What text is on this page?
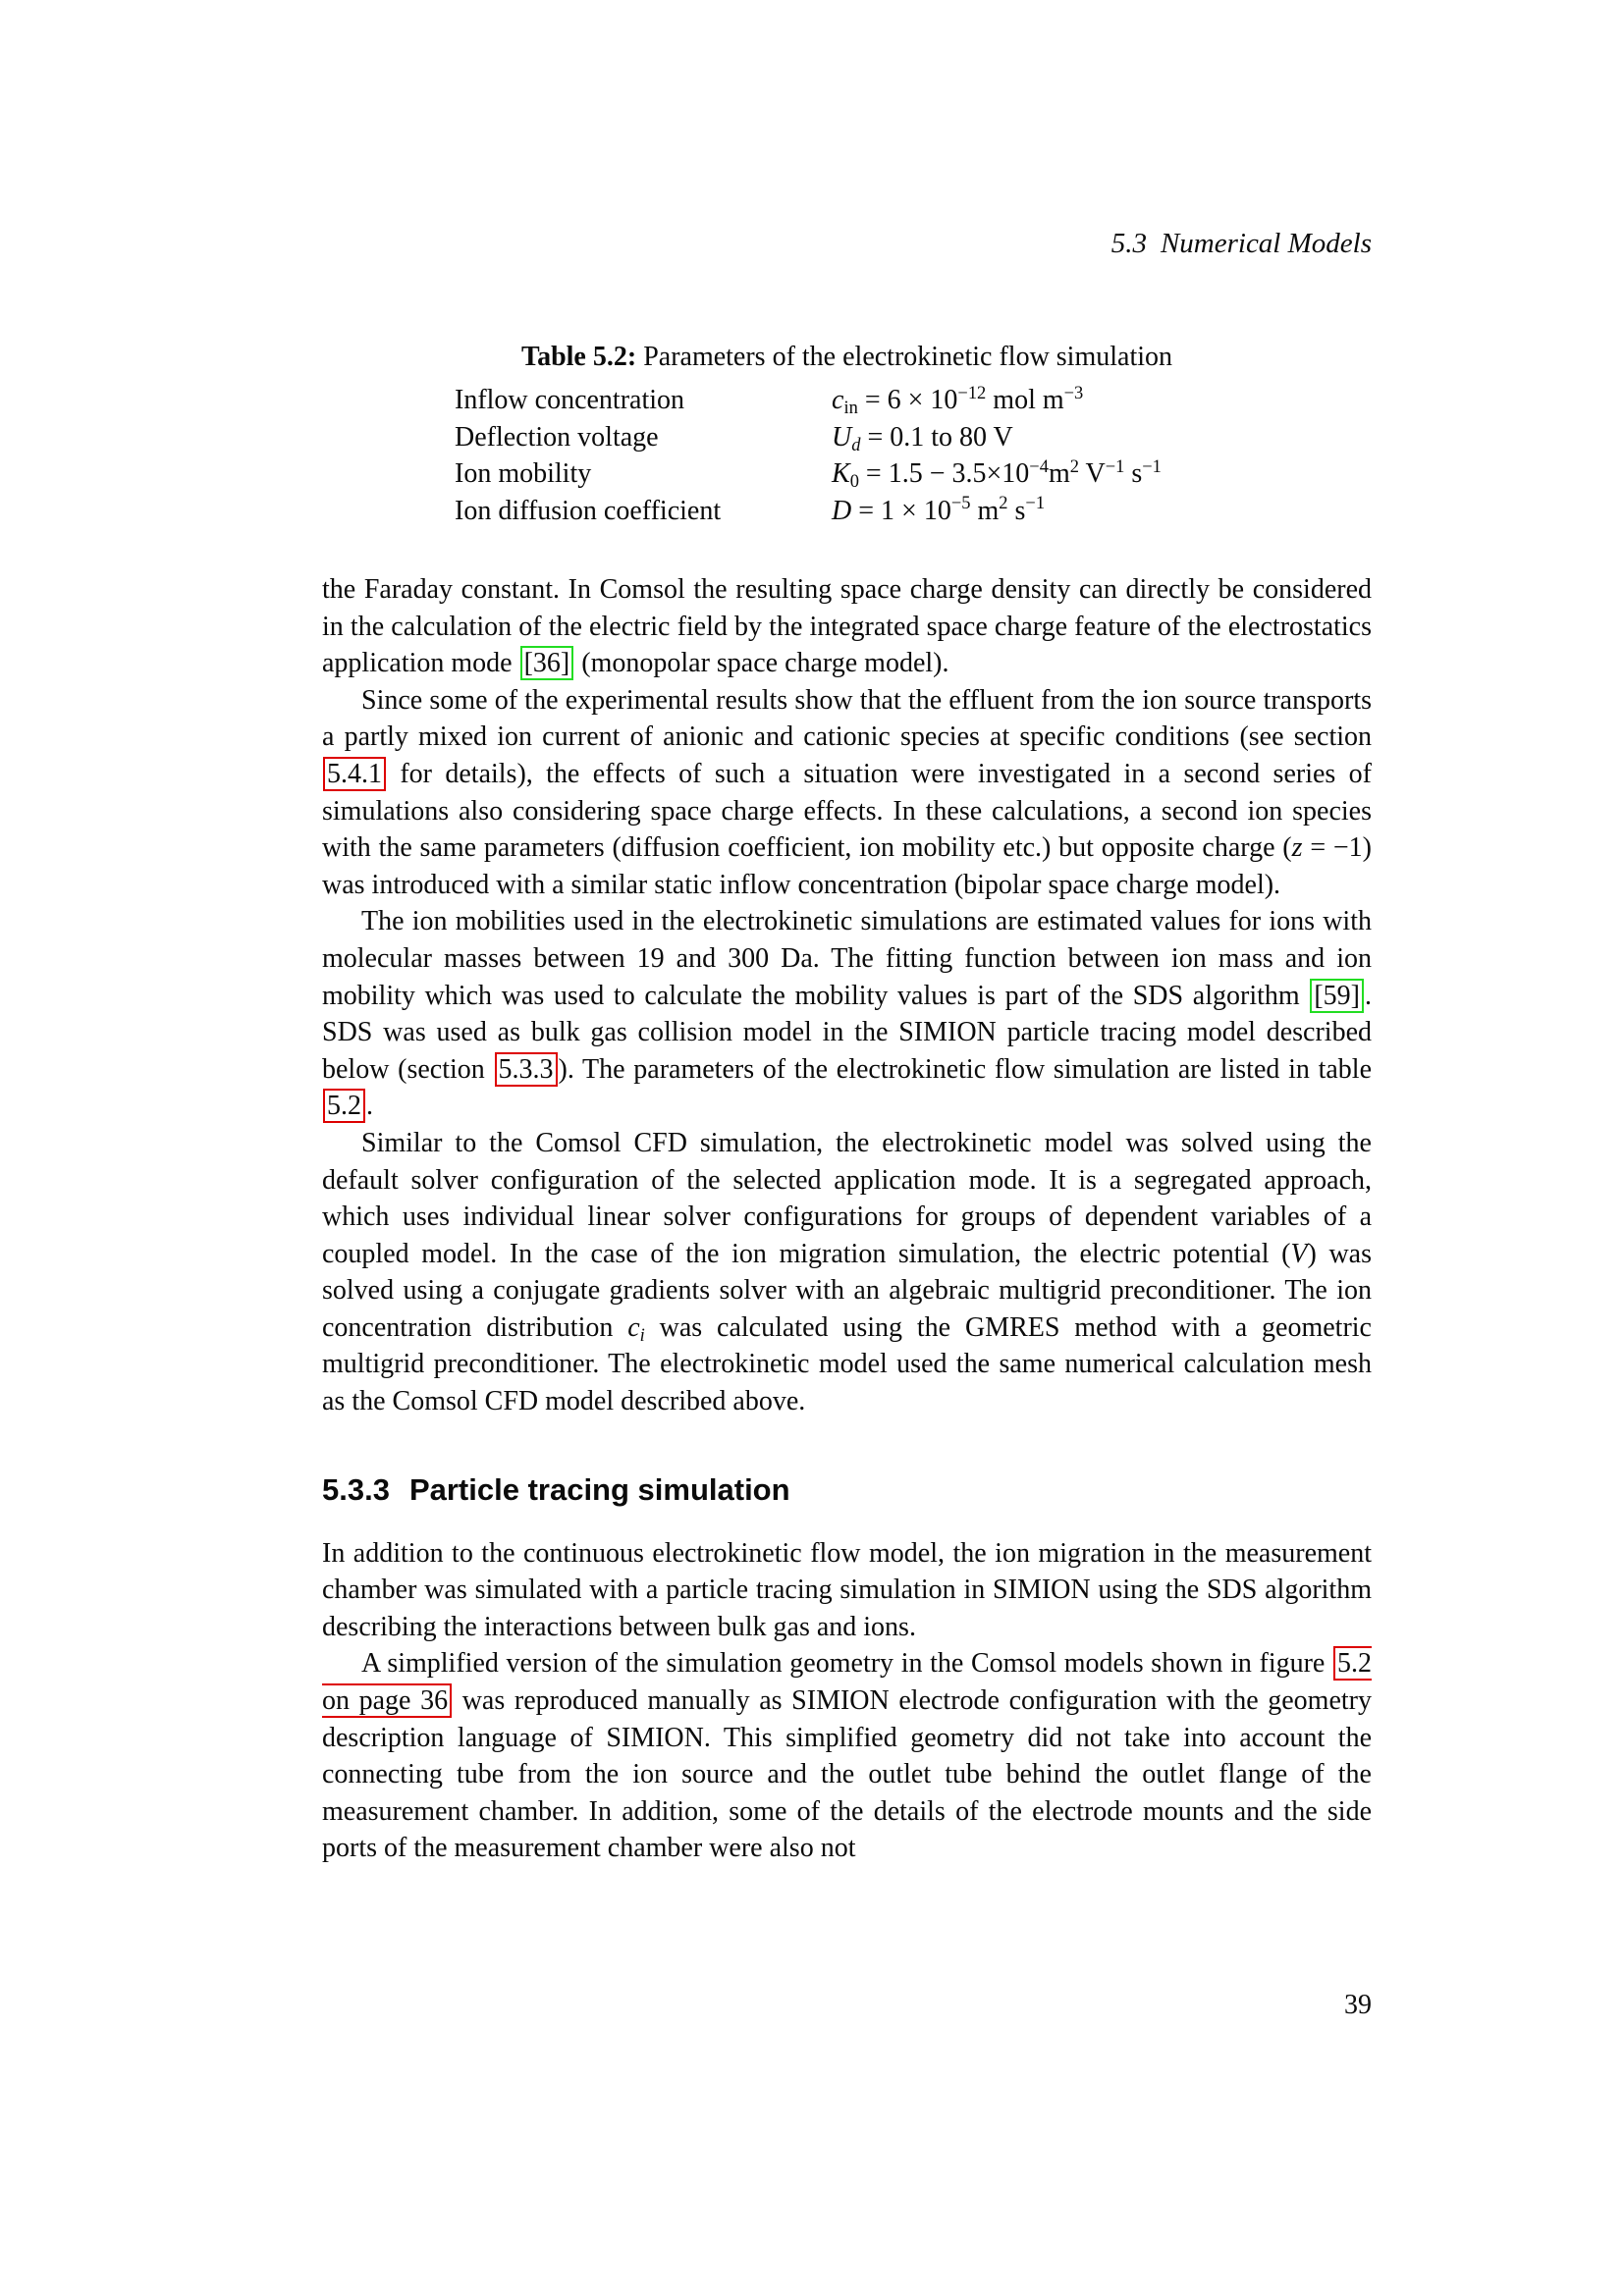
5.3 Numerical Models
Table 5.2: Parameters of the electrokinetic flow simulation
Inflow concentration	cin = $6 \times 10^{-12}$ mol $m^{-3}$
Deflection voltage	Ud = 0.1 to 80 V
Ion mobility	$K0 = 1.5 - 3.5\times 10^{-4}m^2$ $V^{-1}$ $s^{-1}$
Ion diffusion coefficient	$D = 1 \times 10^{-5}$ $m^2$ $s^{-1}$

the Faraday constant. In Comsol the resulting space charge density can directly be considered in the calculation of the electric field by the integrated space charge feature of the electrostatics application mode [36] (monopolar space charge model).

Since some of the experimental results show that the effluent from the ion source transports a partly mixed ion current of anionic and cationic species at specific conditions (see section 5.4.1 for details), the effects of such a situation were investigated in a second series of simulations also considering space charge effects. In these calculations, a second ion species with the same parameters (diffusion coefficient, ion mobility etc.) but opposite charge (z = −1) was introduced with a similar static inflow concentration (bipolar space charge model).

The ion mobilities used in the electrokinetic simulations are estimated values for ions with molecular masses between 19 and 300 Da. The fitting function between ion mass and ion mobility which was used to calculate the mobility values is part of the SDS algorithm [59] . SDS was used as bulk gas collision model in the SIMION particle tracing model described below (section 5.3.3 ). The parameters of the electrokinetic flow simulation are listed in table 5.2 .

Similar to the Comsol CFD simulation, the electrokinetic model was solved using the default solver configuration of the selected application mode. It is a segregated approach, which uses individual linear solver configurations for groups of dependent variables of a coupled model. In the case of the ion migration simulation, the electric potential (V) was solved using a conjugate gradients solver with an algebraic multigrid preconditioner. The ion concentration distribution ci was calculated using the GMRES method with a geometric multigrid preconditioner. The electrokinetic model used the same numerical calculation mesh as the Comsol CFD model described above.

5.3.3 Particle tracing simulation

In addition to the continuous electrokinetic flow model, the ion migration in the measurement chamber was simulated with a particle tracing simulation in SIMION using the SDS algorithm describing the interactions between bulk gas and ions.

A simplified version of the simulation geometry in the Comsol models shown in figure 5.2 on page 36 was reproduced manually as SIMION electrode configuration with the geometry description language of SIMION. This simplified geometry did not take into account the connecting tube from the ion source and the outlet tube behind the outlet flange of the measurement chamber. In addition, some of the details of the electrode mounts and the side ports of the measurement chamber were also not

39
